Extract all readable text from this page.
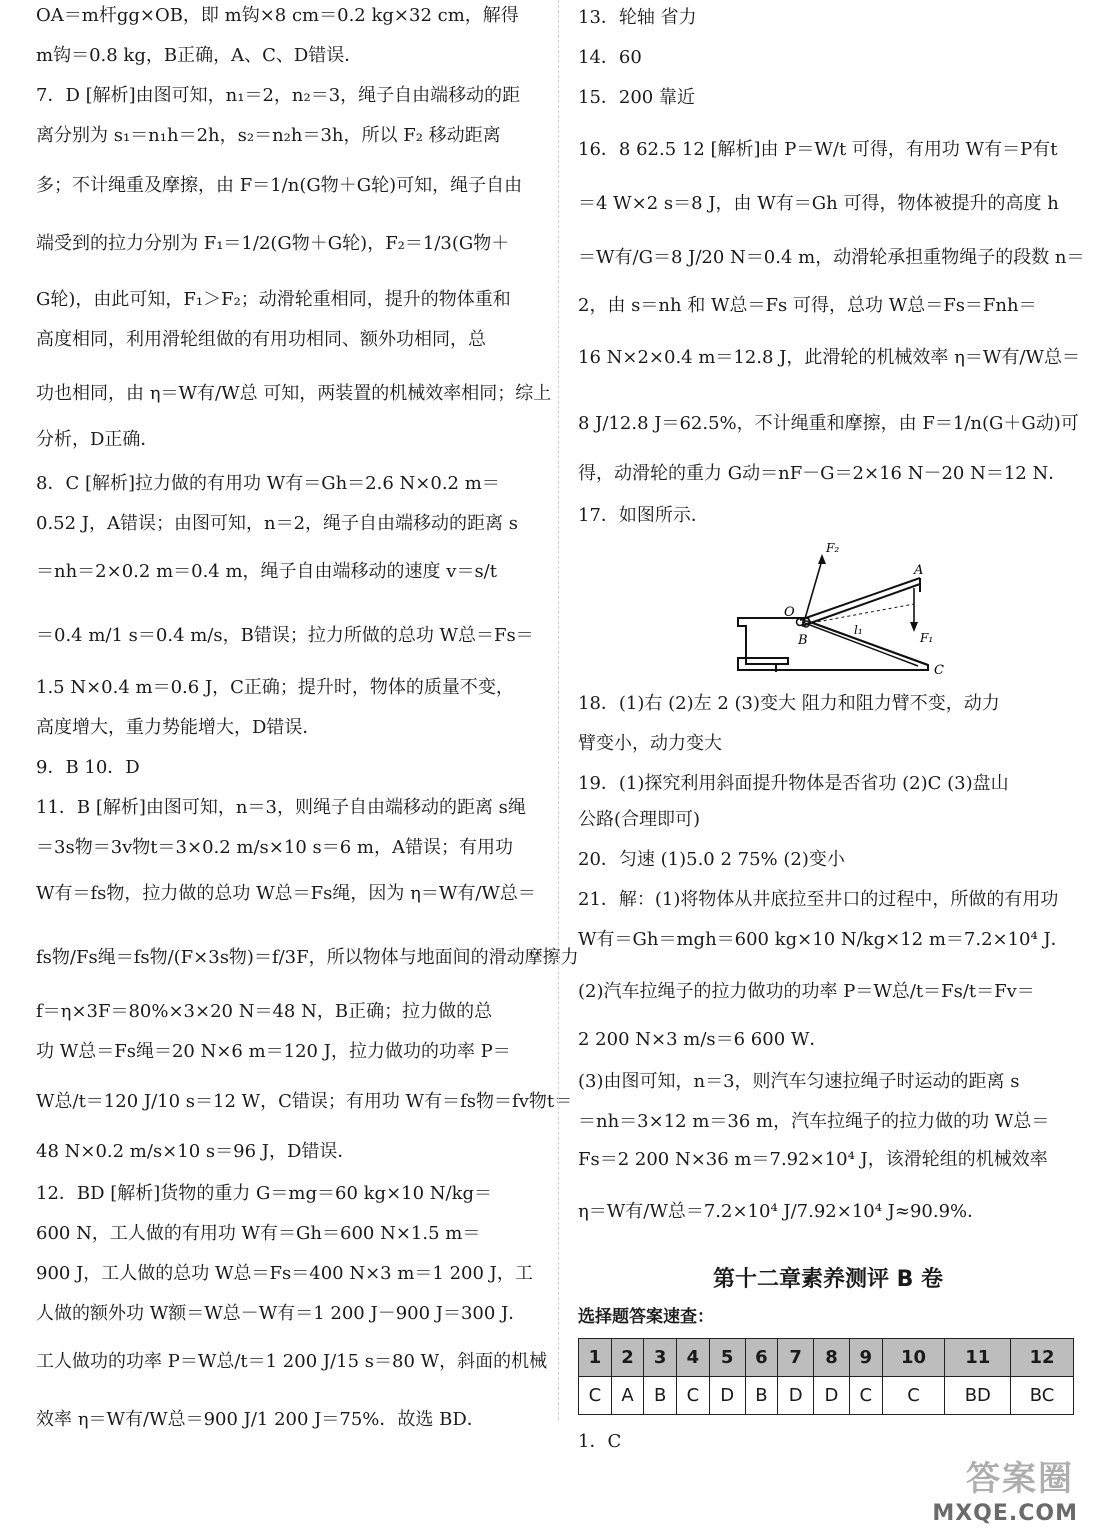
OA＝m杆gg×OB，即 m钩×8 cm＝0.2 kg×32 cm，解得
m钩＝0.8 kg，B正确，A、C、D错误．
7．D [解析]由图可知，n₁＝2，n₂＝3，绳子自由端移动的距
离分别为 s₁＝n₁h＝2h，s₂＝n₂h＝3h，所以 F₂ 移动距离
多；不计绳重及摩擦，由 F＝1/n(G物＋G轮)可知，绳子自由
端受到的拉力分别为 F₁＝1/2(G物＋G轮)，F₂＝1/3(G物＋
G轮)，由此可知，F₁＞F₂；动滑轮重相同，提升的物体重和
高度相同，利用滑轮组做的有用功相同、额外功相同，总
功也相同，由 η＝W有/W总 可知，两装置的机械效率相同；综上
分析，D正确．
8．C [解析]拉力做的有用功 W有＝Gh＝2.6 N×0.2 m＝
0.52 J，A错误；由图可知，n＝2，绳子自由端移动的距离 s
＝nh＝2×0.2 m＝0.4 m，绳子自由端移动的速度 v＝s/t
＝0.4 m/1 s＝0.4 m/s，B错误；拉力所做的总功 W总＝Fs＝
1.5 N×0.4 m＝0.6 J，C正确；提升时，物体的质量不变，
高度增大，重力势能增大，D错误．
9．B 10．D
11．B [解析]由图可知，n＝3，则绳子自由端移动的距离 s绳
＝3s物＝3v物t＝3×0.2 m/s×10 s＝6 m，A错误；有用功
W有＝fs物，拉力做的总功 W总＝Fs绳，因为 η＝W有/W总＝
fs物/Fs绳＝fs物/(F×3s物)＝f/3F，所以物体与地面间的滑动摩擦力
f＝η×3F＝80%×3×20 N＝48 N，B正确；拉力做的总
功 W总＝Fs绳＝20 N×6 m＝120 J，拉力做功的功率 P＝
W总/t＝120 J/10 s＝12 W，C错误；有用功 W有＝fs物＝fv物t＝
48 N×0.2 m/s×10 s＝96 J，D错误．
12．BD [解析]货物的重力 G＝mg＝60 kg×10 N/kg＝
600 N，工人做的有用功 W有＝Gh＝600 N×1.5 m＝
900 J，工人做的总功 W总＝Fs＝400 N×3 m＝1 200 J，工
人做的额外功 W额＝W总－W有＝1 200 J－900 J＝300 J．
工人做功的功率 P＝W总/t＝1 200 J/15 s＝80 W，斜面的机械
效率 η＝W有/W总＝900 J/1 200 J＝75%．故选 BD．
F₂
A
O
B
l₁
F₁
C
第十二章素养测评 B 卷
选择题答案速查：
1	2	3	4	5	6	7	8	9	10	11	12
C	A	B	C	D	B	D	D	C	C	BD	BC
1．C
13．轮轴 省力
14．60
15．200 靠近
16．8 62.5 12 [解析]由 P＝W/t 可得，有用功 W有＝P有t
＝4 W×2 s＝8 J，由 W有＝Gh 可得，物体被提升的高度 h
＝W有/G＝8 J/20 N＝0.4 m，动滑轮承担重物绳子的段数 n＝
2，由 s＝nh 和 W总＝Fs 可得，总功 W总＝Fs＝Fnh＝
16 N×2×0.4 m＝12.8 J，此滑轮的机械效率 η＝W有/W总＝
8 J/12.8 J＝62.5%，不计绳重和摩擦，由 F＝1/n(G＋G动)可
得，动滑轮的重力 G动＝nF－G＝2×16 N－20 N＝12 N．
17．如图所示．
18．(1)右 (2)左 2 (3)变大 阻力和阻力臂不变，动力
臂变小，动力变大
19．(1)探究利用斜面提升物体是否省功 (2)C (3)盘山
公路(合理即可)
20．匀速 (1)5.0 2 75% (2)变小
21．解：(1)将物体从井底拉至井口的过程中，所做的有用功
W有＝Gh＝mgh＝600 kg×10 N/kg×12 m＝7.2×10⁴ J．
(2)汽车拉绳子的拉力做功的功率 P＝W总/t＝Fs/t＝Fv＝
2 200 N×3 m/s＝6 600 W．
(3)由图可知，n＝3，则汽车匀速拉绳子时运动的距离 s
＝nh＝3×12 m＝36 m，汽车拉绳子的拉力做的功 W总＝
Fs＝2 200 N×36 m＝7.92×10⁴ J，该滑轮组的机械效率
η＝W有/W总＝7.2×10⁴ J/7.92×10⁴ J≈90.9%．
答案圈
MXQE.COM
